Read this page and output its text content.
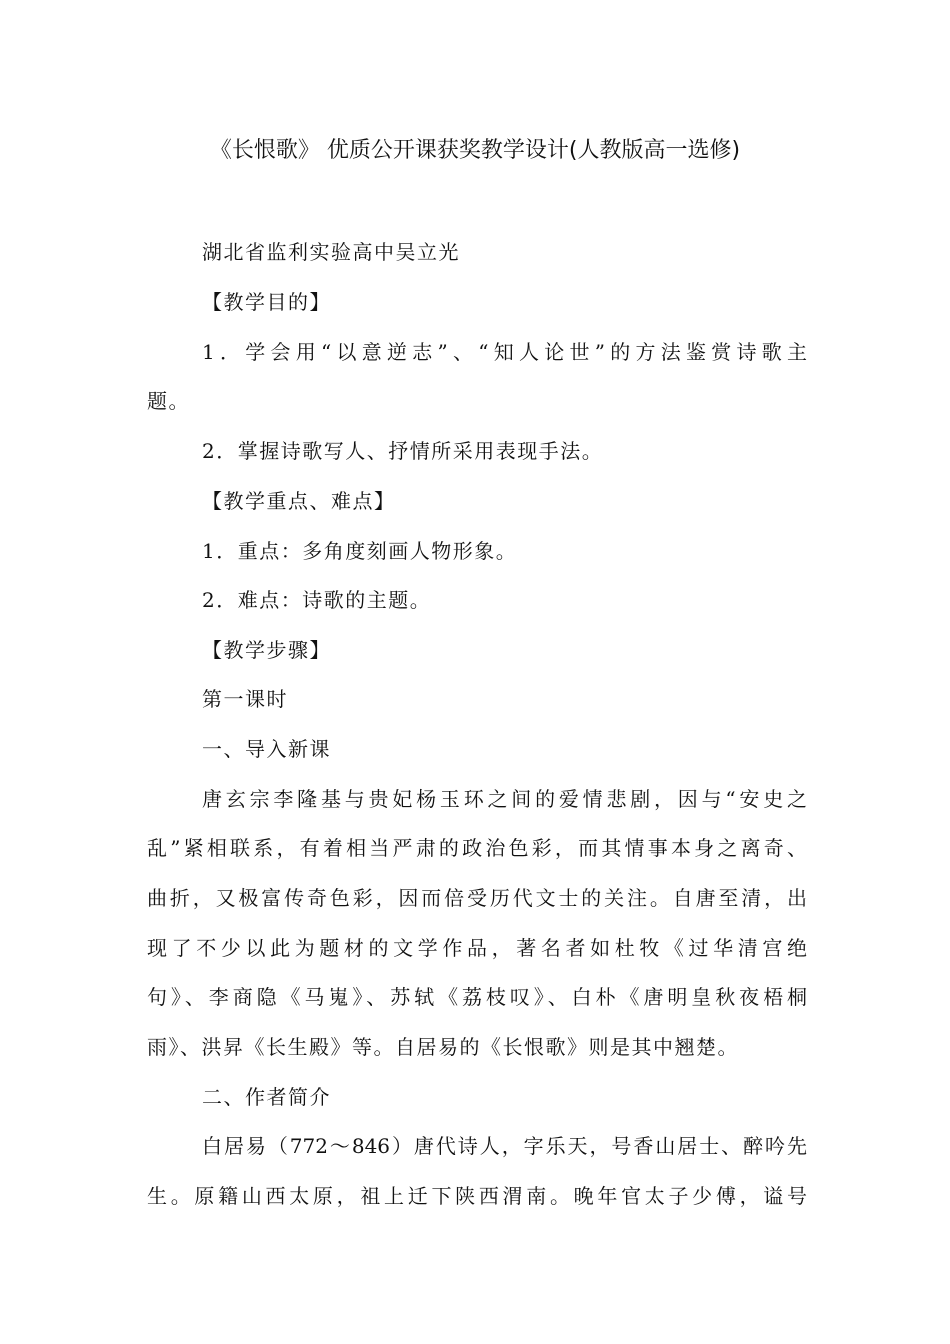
《长恨歌》 优质公开课获奖教学设计(人教版高一选修)
湖北省监利实验高中吴立光
【教学目的】
1．学会用“以意逆志”、“知人论世”的方法鉴赏诗歌主
题。
2．掌握诗歌写人、抒情所采用表现手法。
【教学重点、难点】
1．重点：多角度刻画人物形象。
2．难点：诗歌的主题。
【教学步骤】
第一课时
一、导入新课
唐玄宗李隆基与贵妃杨玉环之间的爱情悲剧，因与“安史之
乱”紧相联系，有着相当严肃的政治色彩，而其情事本身之离奇、
曲折，又极富传奇色彩，因而倍受历代文士的关注。自唐至清，出
现了不少以此为题材的文学作品，著名者如杜牧《过华清宫绝
句》、李商隐《马嵬》、苏轼《荔枝叹》、白朴《唐明皇秋夜梧桐
雨》、洪昇《长生殿》等。自居易的《长恨歌》则是其中翘楚。
二、作者简介
白居易（772～846）唐代诗人，字乐天，号香山居士、醉吟先
生。原籍山西太原，祖上迁下陕西渭南。晚年官太子少傅，谥号
